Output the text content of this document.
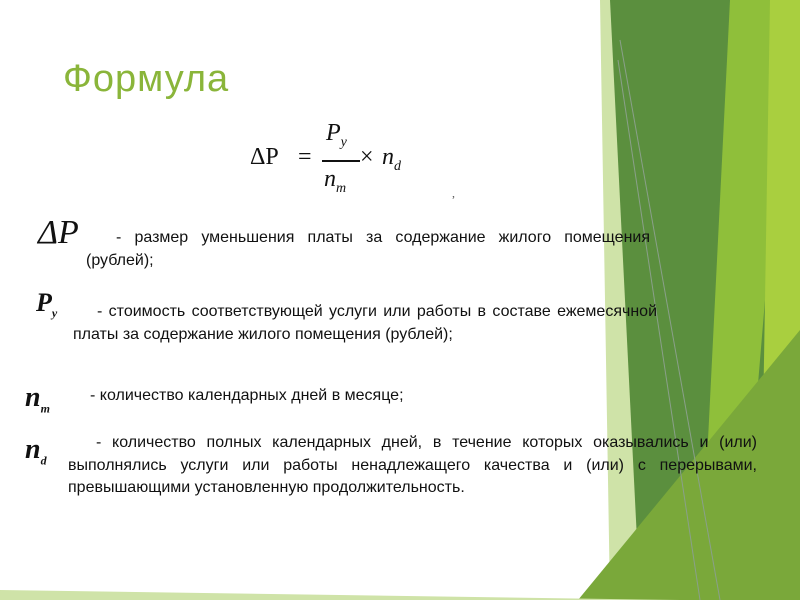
Формула
ΔP =
$P_у$
$n_m$
× $n_d$
,
ΔP	- размер уменьшения платы за содержание жилого помещения (рублей);
$P_у$	- стоимость соответствующей услуги или работы в составе ежемесячной платы за содержание жилого помещения (рублей);
$n_m$
- количество календарных дней в месяце;
$n_d$
- количество полных календарных дней, в течение которых оказывались и (или) выполнялись услуги или работы ненадлежащего качества и (или) с перерывами, превышающими установленную продолжительность.
